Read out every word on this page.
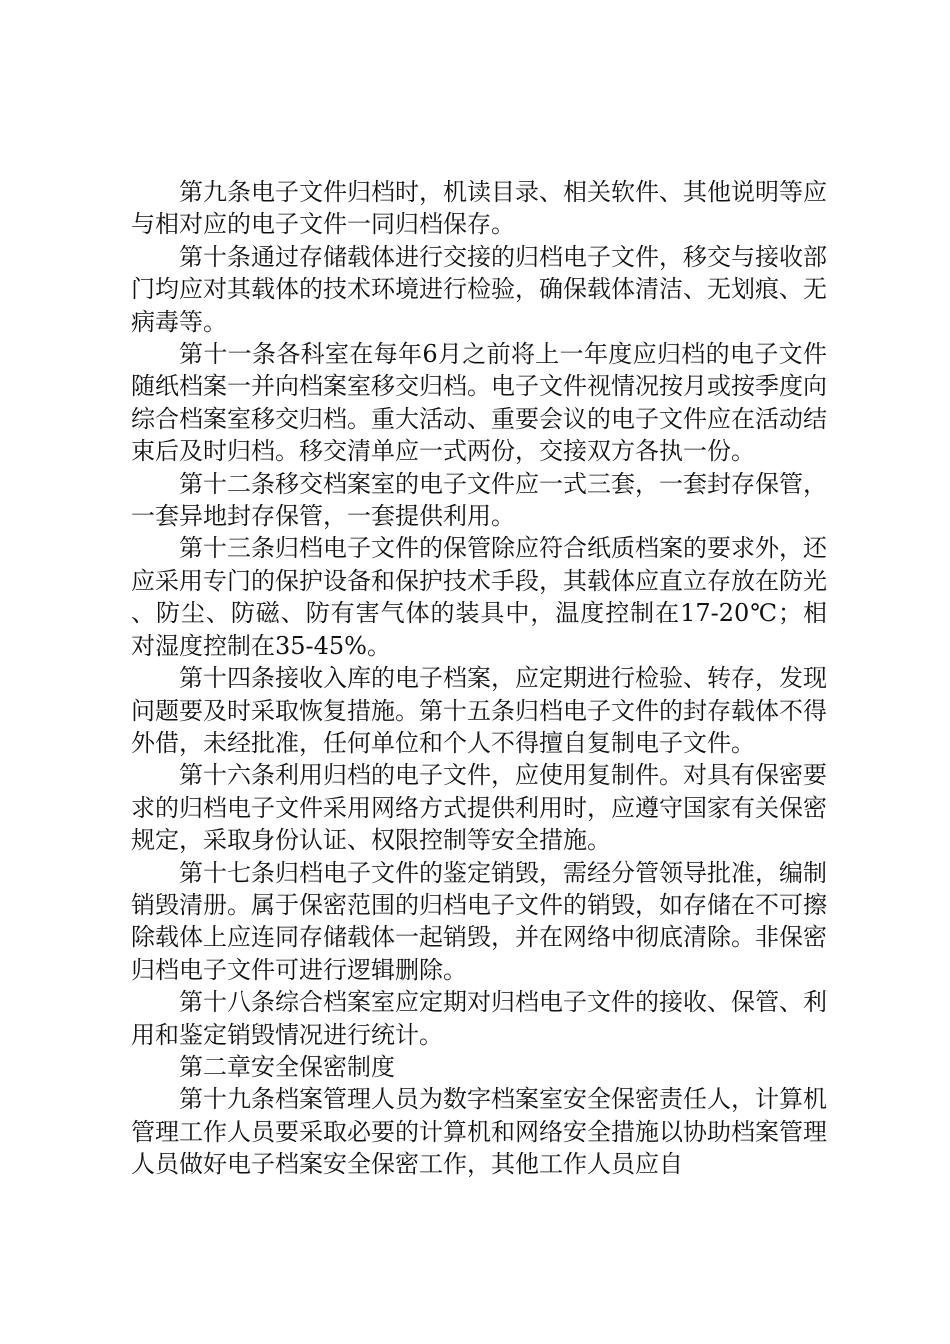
第九条电子文件归档时，机读目录、相关软件、其他说明等应与相对应的电子文件一同归档保存。

第十条通过存储载体进行交接的归档电子文件，移交与接收部门均应对其载体的技术环境进行检验，确保载体清洁、无划痕、无病毒等。

第十一条各科室在每年6月之前将上一年度应归档的电子文件随纸档案一并向档案室移交归档。电子文件视情况按月或按季度向综合档案室移交归档。重大活动、重要会议的电子文件应在活动结束后及时归档。移交清单应一式两份，交接双方各执一份。

第十二条移交档案室的电子文件应一式三套，一套封存保管，一套异地封存保管，一套提供利用。

第十三条归档电子文件的保管除应符合纸质档案的要求外，还应采用专门的保护设备和保护技术手段，其载体应直立存放在防光、防尘、防磁、防有害气体的装具中，温度控制在17-20℃；相对湿度控制在35-45%。

第十四条接收入库的电子档案，应定期进行检验、转存，发现问题要及时采取恢复措施。第十五条归档电子文件的封存载体不得外借，未经批准，任何单位和个人不得擅自复制电子文件。

第十六条利用归档的电子文件，应使用复制件。对具有保密要求的归档电子文件采用网络方式提供利用时，应遵守国家有关保密规定，采取身份认证、权限控制等安全措施。

第十七条归档电子文件的鉴定销毁，需经分管领导批准，编制销毁清册。属于保密范围的归档电子文件的销毁，如存储在不可擦除载体上应连同存储载体一起销毁，并在网络中彻底清除。非保密归档电子文件可进行逻辑删除。

第十八条综合档案室应定期对归档电子文件的接收、保管、利用和鉴定销毁情况进行统计。

第二章安全保密制度

第十九条档案管理人员为数字档案室安全保密责任人，计算机管理工作人员要采取必要的计算机和网络安全措施以协助档案管理人员做好电子档案安全保密工作，其他工作人员应自
